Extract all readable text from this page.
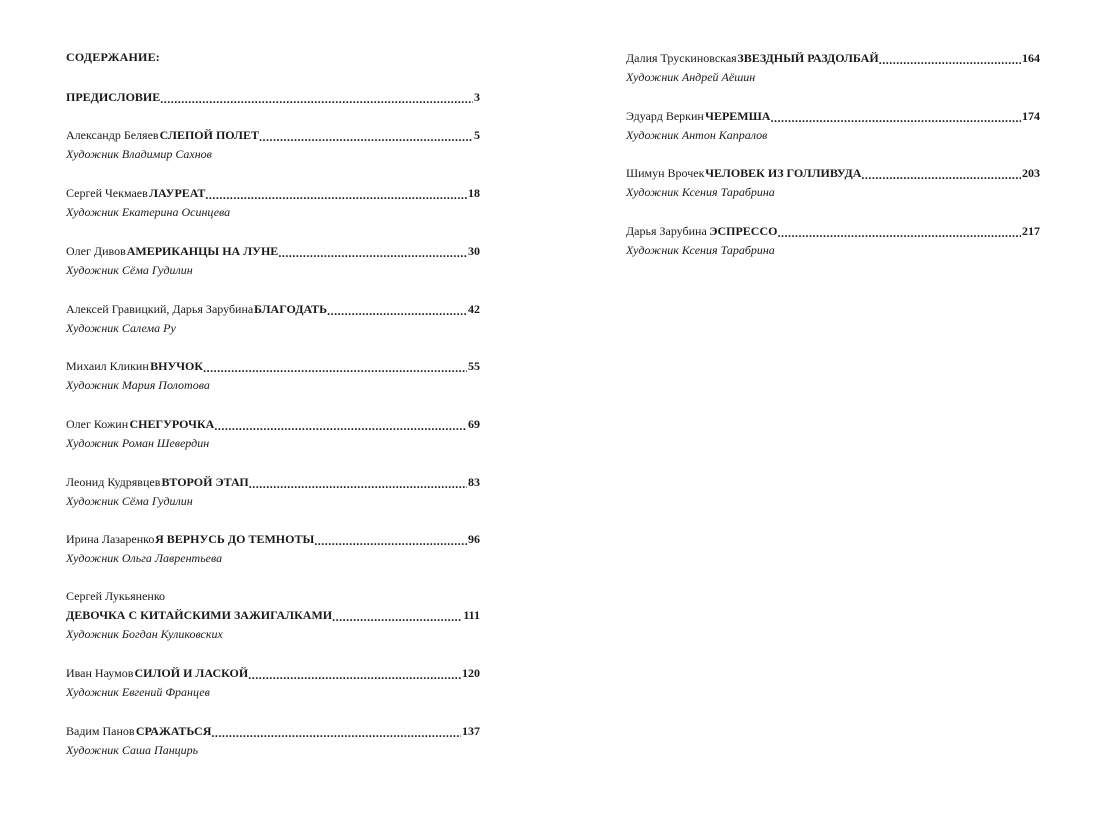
СОДЕРЖАНИЕ:
ПРЕДИСЛОВИЕ .....	3
Александр Беляев СЛЕПОЙ ПОЛЕТ .....	5
Художник Владимир Сахнов
Сергей Чекмаев ЛАУРЕАТ .....	18
Художник Екатерина Осинцева
Олег Дивов АМЕРИКАНЦЫ НА ЛУНЕ .....	30
Художник Сёма Гудилин
Алексей Гравицкий, Дарья Зарубина БЛАГОДАТЬ .....	42
Художник Салема Ру
Михаил Кликин ВНУЧОК .....	55
Художник Мария Полотова
Олег Кожин СНЕГУРОЧКА .....	69
Художник Роман Шевердин
Леонид Кудрявцев ВТОРОЙ ЭТАП .....	83
Художник Сёма Гудилин
Ирина Лазаренко Я ВЕРНУСЬ ДО ТЕМНОТЫ .....	96
Художник Ольга Лаврентьева
Сергей Лукьяненко
ДЕВОЧКА С КИТАЙСКИМИ ЗАЖИГАЛКАМИ .....	111
Художник Богдан Куликовских
Иван Наумов СИЛОЙ И ЛАСКОЙ .....	120
Художник Евгений Францев
Вадим Панов СРАЖАТЬСЯ .....	137
Художник Саша Панцирь
Далия Трускиновская ЗВЕЗДНЫЙ РАЗДОЛБАЙ .....	164
Художник Андрей Аёшин
Эдуард Веркин ЧЕРЕМША .....	174
Художник Антон Капралов
Шимун Врочек ЧЕЛОВЕК ИЗ ГОЛЛИВУДА .....	203
Художник Ксения Тарабрина
Дарья Зарубина ЭСПРЕССО .....	217
Художник Ксения Тарабрина
